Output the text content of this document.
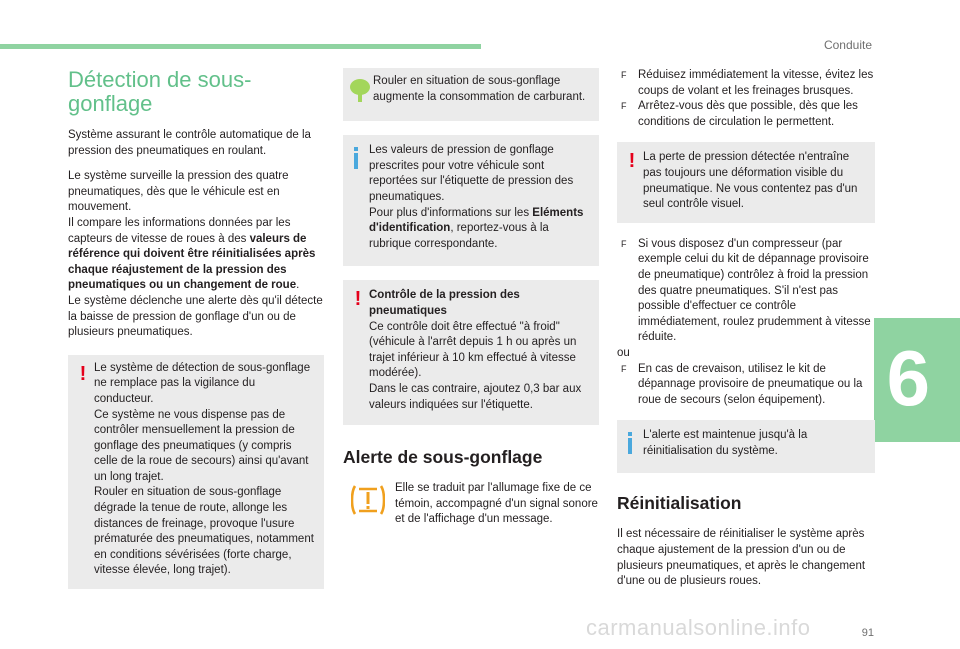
Conduite
6
91
Détection de sous-gonflage

Système assurant le contrôle automatique de la pression des pneumatiques en roulant.

Le système surveille la pression des quatre pneumatiques, dès que le véhicule est en mouvement.
Il compare les informations données par les capteurs de vitesse de roues à des valeurs de référence qui doivent être réinitialisées après chaque réajustement de la pression des pneumatiques ou un changement de roue.
Le système déclenche une alerte dès qu'il détecte la baisse de pression de gonflage d'un ou de plusieurs pneumatiques.

! Le système de détection de sous-gonflage ne remplace pas la vigilance du conducteur.

Ce système ne vous dispense pas de contrôler mensuellement la pression de gonflage des pneumatiques (y compris celle de la roue de secours) ainsi qu'avant un long trajet.

Rouler en situation de sous-gonflage dégrade la tenue de route, allonge les distances de freinage, provoque l'usure prématurée des pneumatiques, notamment en conditions sévérisées (forte charge, vitesse élevée, long trajet).

Rouler en situation de sous-gonflage augmente la consommation de carburant.

Les valeurs de pression de gonflage prescrites pour votre véhicule sont reportées sur l'étiquette de pression des pneumatiques.

Pour plus d'informations sur les Eléments d'identification, reportez-vous à la rubrique correspondante.

! Contrôle de la pression des pneumatiques

Ce contrôle doit être effectué "à froid" (véhicule à l'arrêt depuis 1 h ou après un trajet inférieur à 10 km effectué à vitesse modérée).

Dans le cas contraire, ajoutez 0,3 bar aux valeurs indiquées sur l'étiquette.

Alerte de sous-gonflage

Elle se traduit par l'allumage fixe de ce témoin, accompagné d'un signal sonore et de l'affichage d'un message.

F Réduisez immédiatement la vitesse, évitez les coups de volant et les freinages brusques.

F Arrêtez-vous dès que possible, dès que les conditions de circulation le permettent.

! La perte de pression détectée n'entraîne pas toujours une déformation visible du pneumatique. Ne vous contentez pas d'un seul contrôle visuel.

F Si vous disposez d'un compresseur (par exemple celui du kit de dépannage provisoire de pneumatique) contrôlez à froid la pression des quatre pneumatiques. S'il n'est pas possible d'effectuer ce contrôle immédiatement, roulez prudemment à vitesse réduite.

ou

F En cas de crevaison, utilisez le kit de dépannage provisoire de pneumatique ou la roue de secours (selon équipement).

L'alerte est maintenue jusqu'à la réinitialisation du système.

Réinitialisation

Il est nécessaire de réinitialiser le système après chaque ajustement de la pression d'un ou de plusieurs pneumatiques, et après le changement d'une ou de plusieurs roues.

carmanualsonline.info
